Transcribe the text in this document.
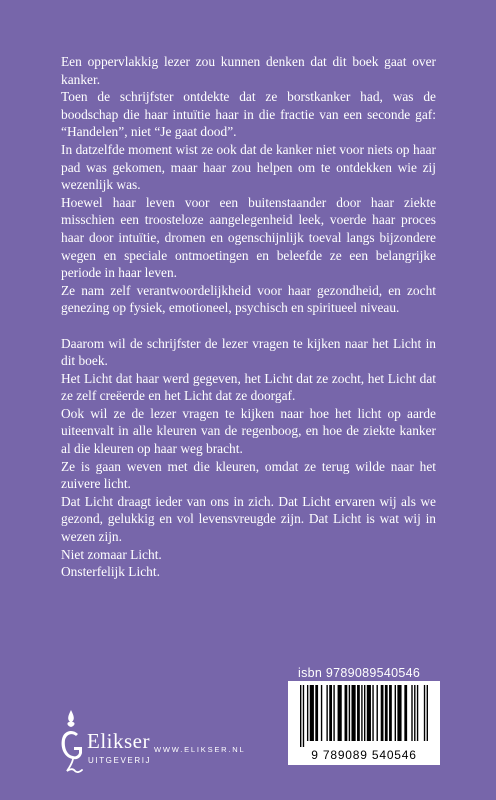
Een oppervlakkig lezer zou kunnen denken dat dit boek gaat over kanker.

Toen de schrijfster ontdekte dat ze borstkanker had, was de boodschap die haar intuïtie haar in die fractie van een seconde gaf: “Handelen”, niet “Je gaat dood”.

In datzelfde moment wist ze ook dat de kanker niet voor niets op haar pad was gekomen, maar haar zou helpen om te ontdekken wie zij wezenlijk was.

Hoewel haar leven voor een buitenstaander door haar ziekte misschien een troosteloze aangelegenheid leek, voerde haar proces haar door intuïtie, dromen en ogenschijnlijk toeval langs bijzondere wegen en speciale ontmoetingen en beleefde ze een belangrijke periode in haar leven.

Ze nam zelf verantwoordelijkheid voor haar gezondheid, en zocht genezing op fysiek, emotioneel, psychisch en spiritueel niveau.

Daarom wil de schrijfster de lezer vragen te kijken naar het Licht in dit boek.

Het Licht dat haar werd gegeven, het Licht dat ze zocht, het Licht dat ze zelf creëerde en het Licht dat ze doorgaf.

Ook wil ze de lezer vragen te kijken naar hoe het licht op aarde uiteenvalt in alle kleuren van de regenboog, en hoe de ziekte kanker al die kleuren op haar weg bracht.

Ze is gaan weven met die kleuren, omdat ze terug wilde naar het zuivere licht.

Dat Licht draagt ieder van ons in zich. Dat Licht ervaren wij als we gezond, gelukkig en vol levensvreugde zijn. Dat Licht is wat wij in wezen zijn.

Niet zomaar Licht.

Onsterfelijk Licht.

isbn 9789089540546
9 789089 540546
Elikser
UITGEVERIJ
WWW.ELIKSER.NL
